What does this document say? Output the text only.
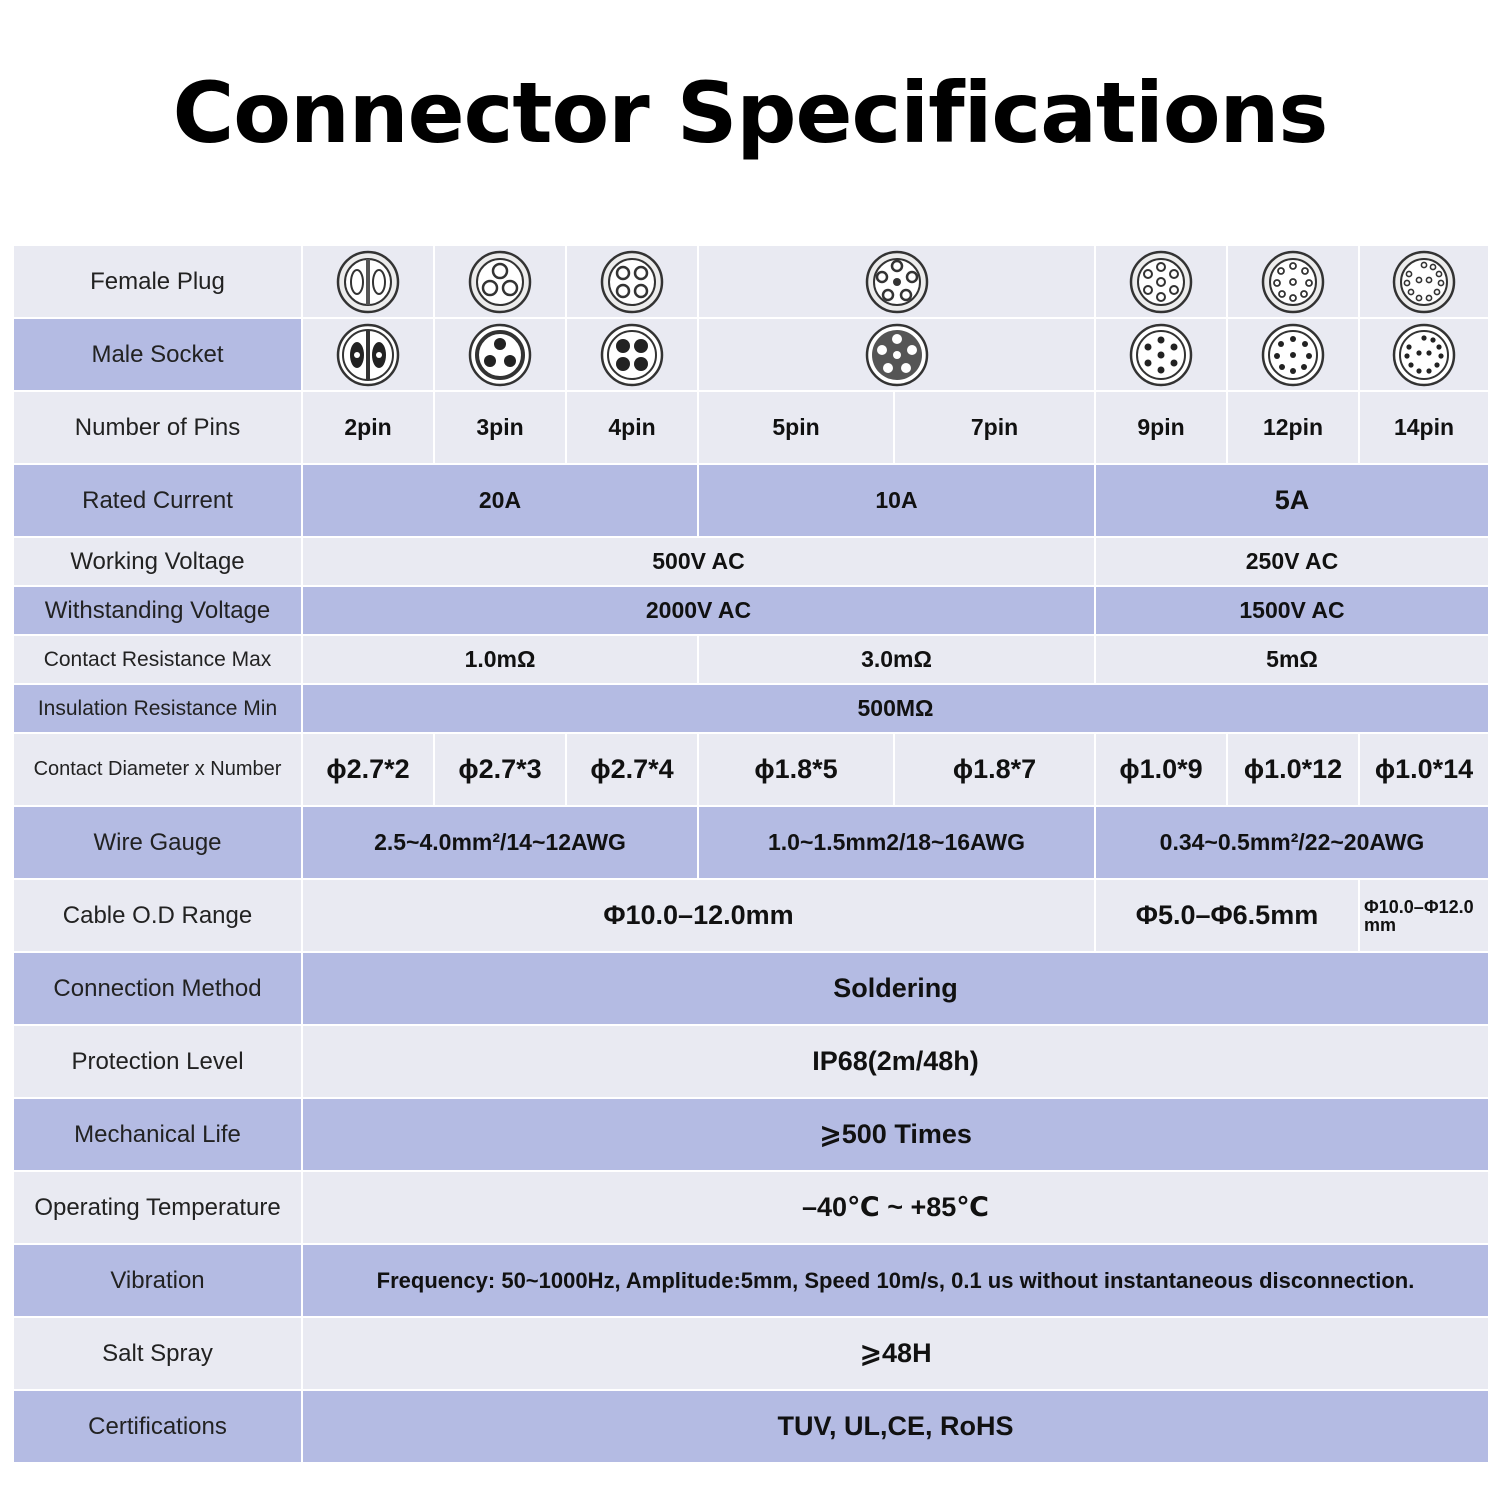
Connector Specifications
Female Plug	

Male Socket	

Number of Pins	2pin	3pin	4pin	5pin	7pin	9pin	12pin	14pin	
Rated Current	20A			10A		5A			
Working Voltage	500V AC					250V AC			
Withstanding Voltage	2000V AC					1500V AC			
Contact Resistance Max	1.0mΩ			3.0mΩ		5mΩ			
Insulation Resistance Min	500MΩ								
Contact Diameter x Number	ϕ2.7*2	ϕ2.7*3	ϕ2.7*4	ϕ1.8*5	ϕ1.8*7	ϕ1.0*9	ϕ1.0*12	ϕ1.0*14	
Wire Gauge	2.5~4.0mm²/14~12AWG			1.0~1.5mm2/18~16AWG		0.34~0.5mm²/22~20AWG			
Cable O.D Range	Φ10.0–12.0mm					Φ5.0–Φ6.5mm		Φ10.0–Φ12.0 mm	
Connection Method	Soldering								
Protection Level	IP68(2m/48h)								
Mechanical Life	⩾500 Times								
Operating Temperature	–40℃ ~ +85℃								
Vibration	Frequency: 50~1000Hz, Amplitude:5mm, Speed 10m/s, 0.1 us without instantaneous disconnection.								
Salt Spray	⩾48H								
Certifications	TUV, UL,CE, RoHS								
